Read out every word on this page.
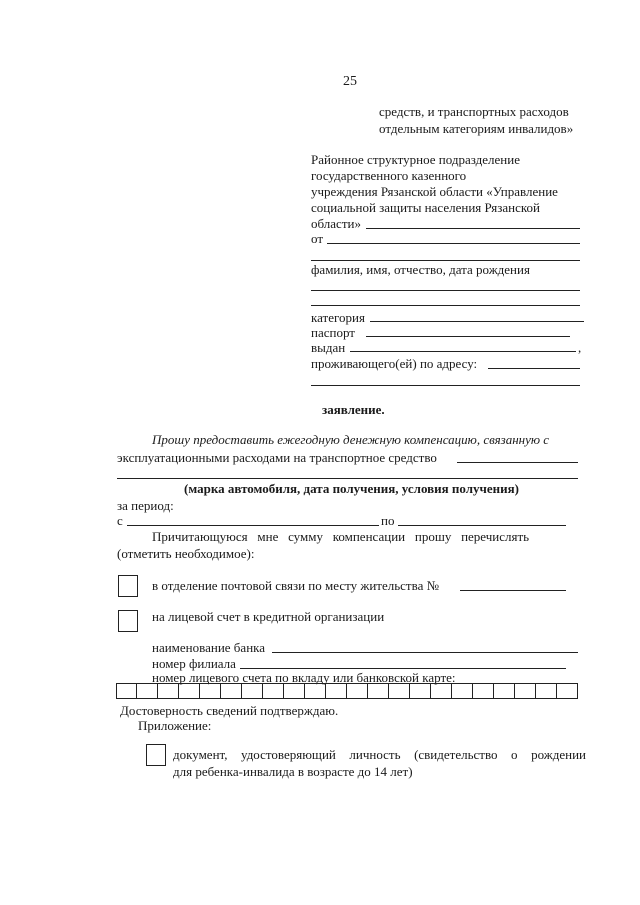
25
средств, и транспортных расходов
отдельным категориям инвалидов»
Районное структурное подразделение
государственного казенного
учреждения Рязанской области «Управление
социальной защиты населения Рязанской
области»
от
фамилия, имя, отчество, дата рождения
категория
паспорт
выдан	,
проживающего(ей) по адресу:
заявление.
Прошу предоставить ежегодную денежную компенсацию, связанную с
эксплуатационными расходами на транспортное средство
(марка автомобиля, дата получения, условия получения)
за период:
с	по
Причитающуюся   мне   сумму   компенсации   прошу   перечислять
(отметить необходимое):
в отделение почтовой связи по месту жительства №
на лицевой счет в кредитной организации
наименование банка
номер филиала
номер лицевого счета по вкладу или банковской карте:
Достоверность сведений подтверждаю.
Приложение:
документ, удостоверяющий личность (свидетельство о рождении
для ребенка-инвалида в возрасте до 14 лет)
